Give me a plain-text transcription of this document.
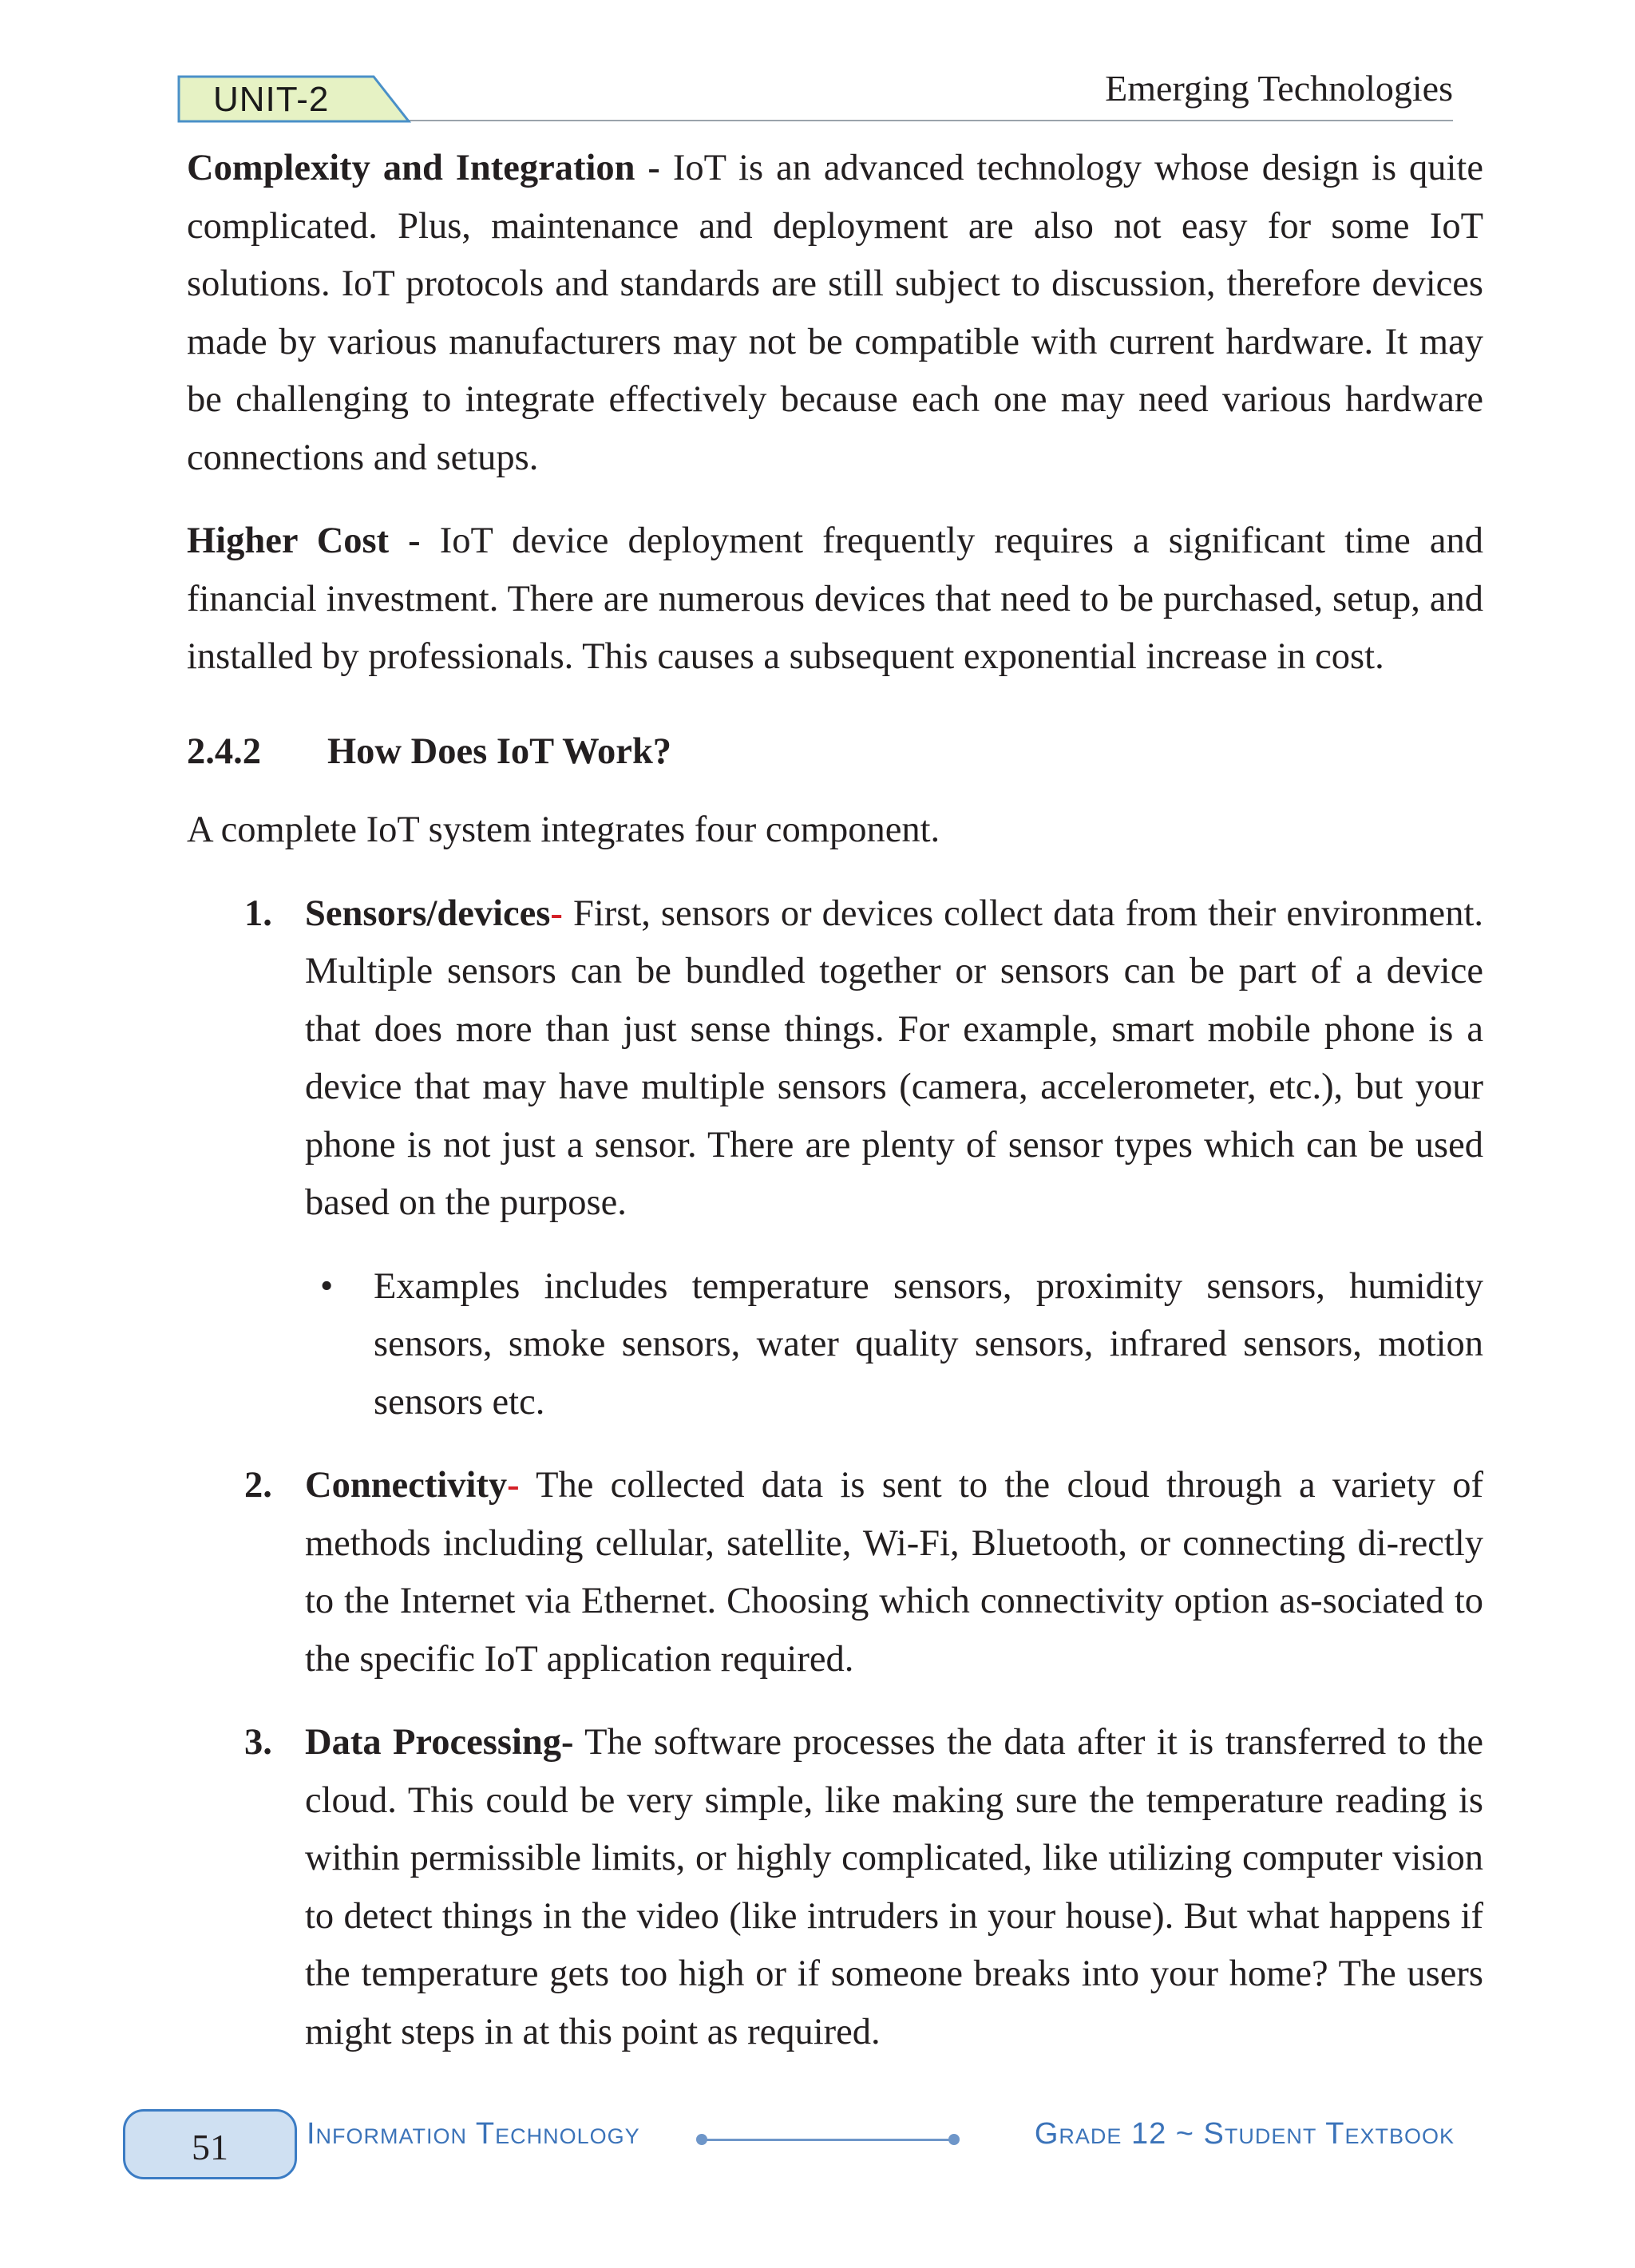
UNIT-2	Emerging Technologies

Complexity and Integration - IoT is an advanced technology whose design is quite complicated. Plus, maintenance and deployment are also not easy for some IoT solutions. IoT protocols and standards are still subject to discussion, therefore devices made by various manufacturers may not be compatible with current hardware. It may be challenging to integrate effectively because each one may need various hardware connections and setups.

Higher Cost - IoT device deployment frequently requires a significant time and financial investment. There are numerous devices that need to be purchased, setup, and installed by professionals. This causes a subsequent exponential increase in cost.

2.4.2 How Does IoT Work?

A complete IoT system integrates four component.

1. Sensors/devices- First, sensors or devices collect data from their environment. Multiple sensors can be bundled together or sensors can be part of a device that does more than just sense things. For example, smart mobile phone is a device that may have multiple sensors (camera, accelerometer, etc.), but your phone is not just a sensor. There are plenty of sensor types which can be used based on the purpose.
• Examples includes temperature sensors, proximity sensors, humidity sensors, smoke sensors, water quality sensors, infrared sensors, motion sensors etc.
2. Connectivity- The collected data is sent to the cloud through a variety of methods including cellular, satellite, Wi-Fi, Bluetooth, or connecting di-rectly to the Internet via Ethernet. Choosing which connectivity option as-sociated to the specific IoT application required.
3. Data Processing- The software processes the data after it is transferred to the cloud. This could be very simple, like making sure the temperature reading is within permissible limits, or highly complicated, like utilizing computer vision to detect things in the video (like intruders in your house). But what happens if the temperature gets too high or if someone breaks into your home? The users might steps in at this point as required.
51	Information Technology	Grade 12 ~ Student Textbook
